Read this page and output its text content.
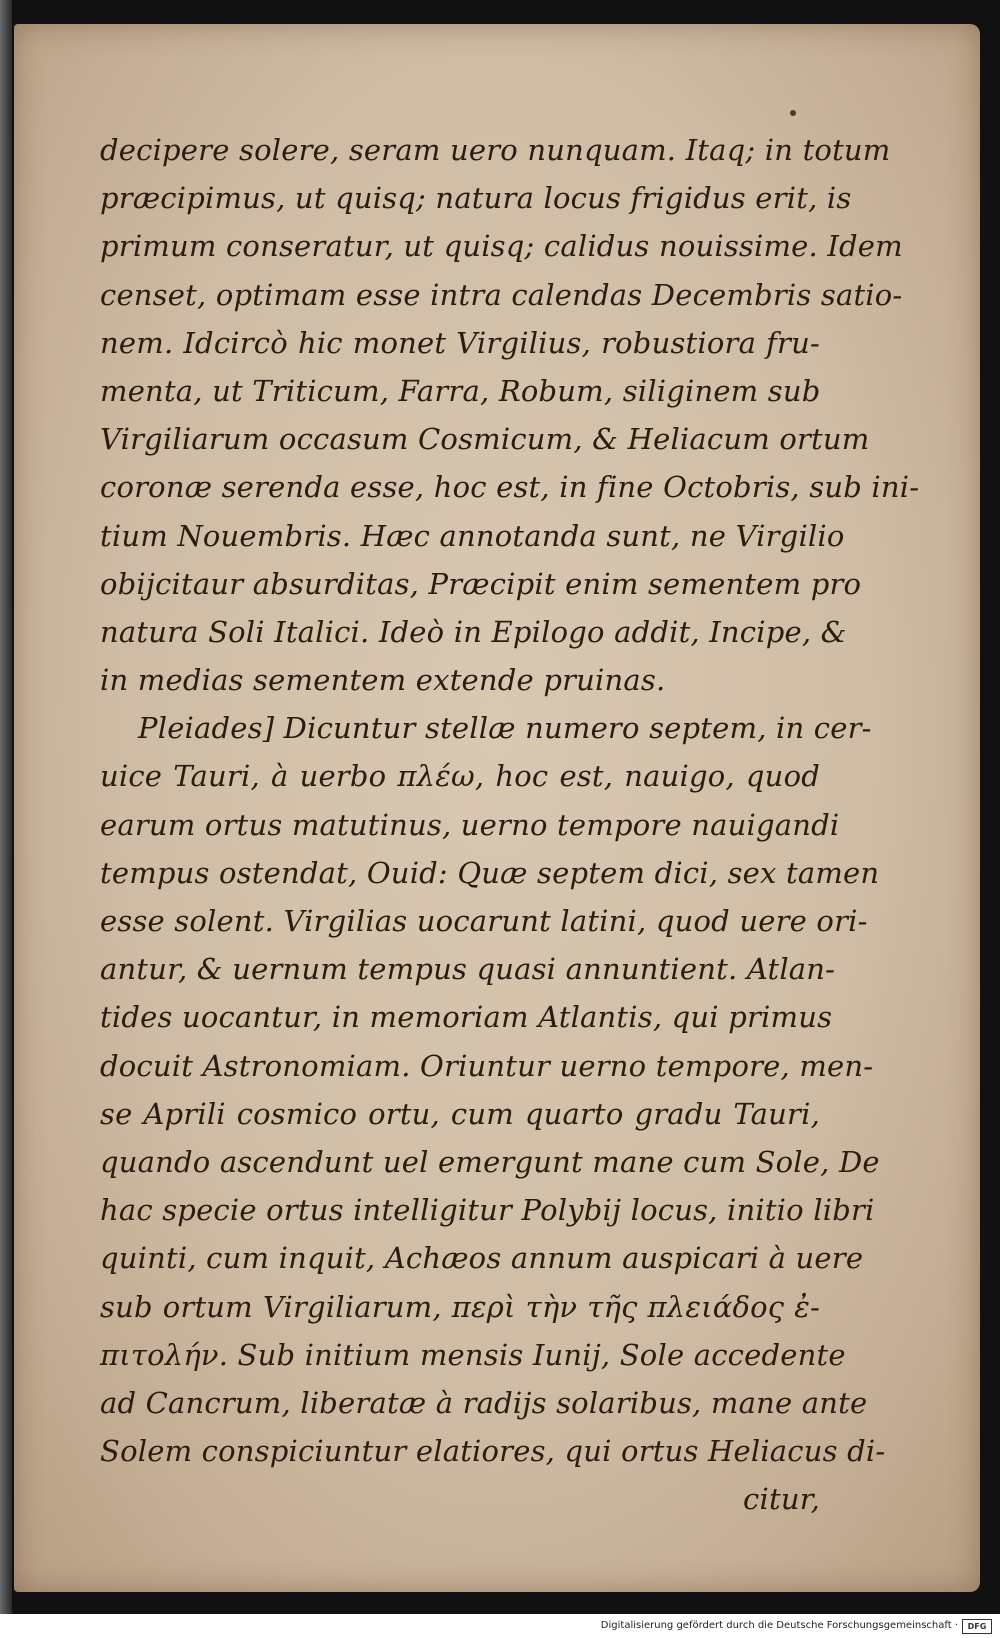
decipere solere, seram uero nunquam. Itaq; in totum
præcipimus, ut quisq; natura locus frigidus erit, is
primum conseratur, ut quisq; calidus nouissime. Idem
censet, optimam esse intra calendas Decembris satio-
nem. Idcircò hic monet Virgilius, robustiora fru-
menta, ut Triticum, Farra, Robum, siliginem sub
Virgiliarum occasum Cosmicum, & Heliacum ortum
coronæ serenda esse, hoc est, in fine Octobris, sub ini-
tium Nouembris. Hæc annotanda sunt, ne Virgilio
obijcitaur absurditas, Præcipit enim sementem pro
natura Soli Italici. Ideò in Epilogo addit, Incipe, &
in medias sementem extende pruinas.
Pleiades] Dicuntur stellæ numero septem, in cer-
uice Tauri, à uerbo πλέω, hoc est, nauigo, quod
earum ortus matutinus, uerno tempore nauigandi
tempus ostendat, Ouid: Quæ septem dici, sex tamen
esse solent. Virgilias uocarunt latini, quod uere ori-
antur, & uernum tempus quasi annuntient. Atlan-
tides uocantur, in memoriam Atlantis, qui primus
docuit Astronomiam. Oriuntur uerno tempore, men-
se Aprili cosmico ortu, cum quarto gradu Tauri,
quando ascendunt uel emergunt mane cum Sole, De
hac specie ortus intelligitur Polybij locus, initio libri
quinti, cum inquit, Achæos annum auspicari à uere
sub ortum Virgiliarum, περὶ τὴν τῆς πλειάδος ἐ-
πιτολήν. Sub initium mensis Iunij, Sole accedente
ad Cancrum, liberatæ à radijs solaribus, mane ante
Solem conspiciuntur elatiores, qui ortus Heliacus di-
citur,
Digitalisierung gefördert durch die Deutsche Forschungsgemeinschaft ·	DFG
